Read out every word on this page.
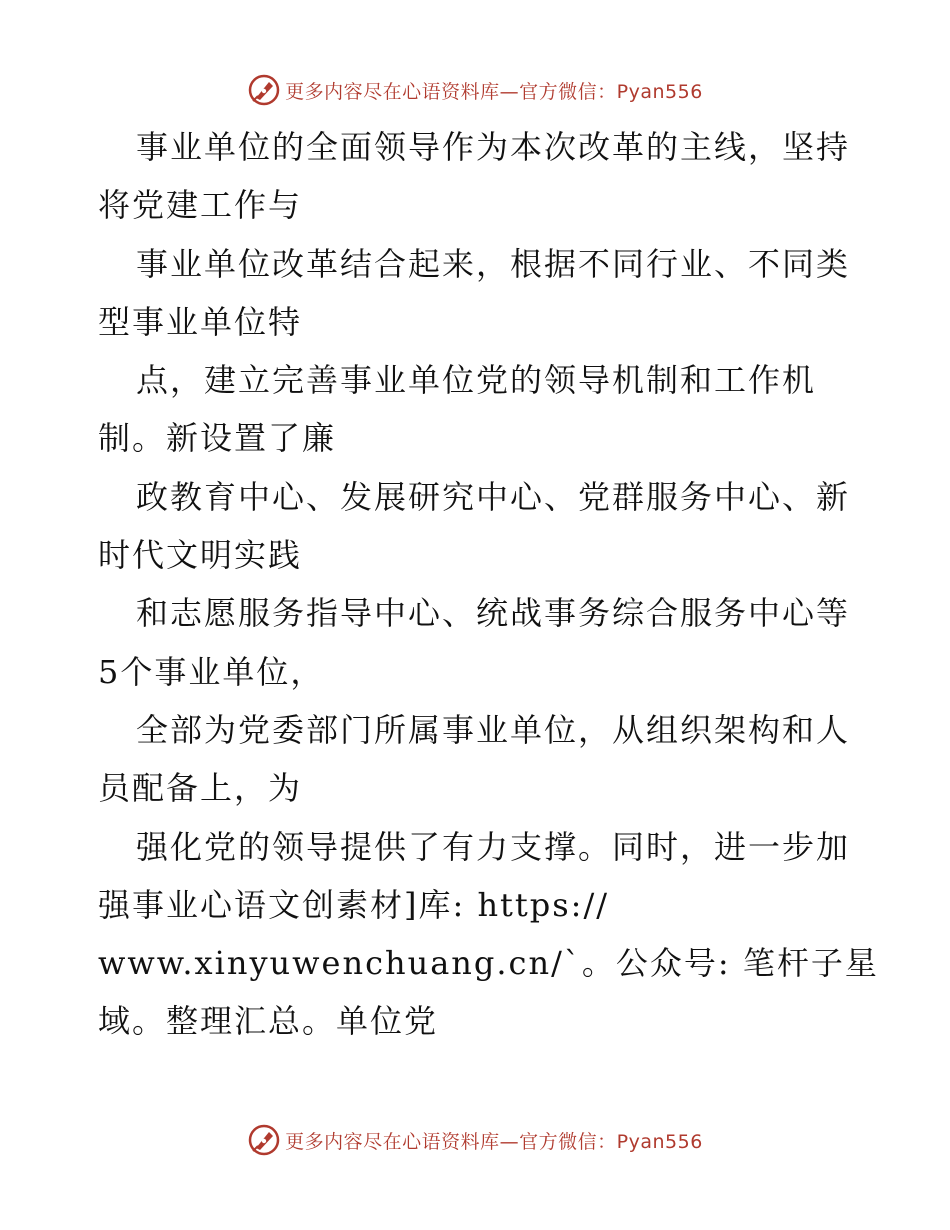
更多内容尽在心语资料库—官方微信：Pyan556
事业单位的全面领导作为本次改革的主线，坚持
将党建工作与
事业单位改革结合起来，根据不同行业、不同类
型事业单位特
点，建立完善事业单位党的领导机制和工作机
制。新设置了廉
政教育中心、发展研究中心、党群服务中心、新
时代文明实践
和志愿服务指导中心、统战事务综合服务中心等
5个事业单位，
全部为党委部门所属事业单位，从组织架构和人
员配备上，为
强化党的领导提供了有力支撑。同时，进一步加
强事业心语文创素材]库: https://
www.xinyuwenchuang.cn/`。公众号: 笔杆子星
域。整理汇总。单位党
更多内容尽在心语资料库—官方微信：Pyan556
